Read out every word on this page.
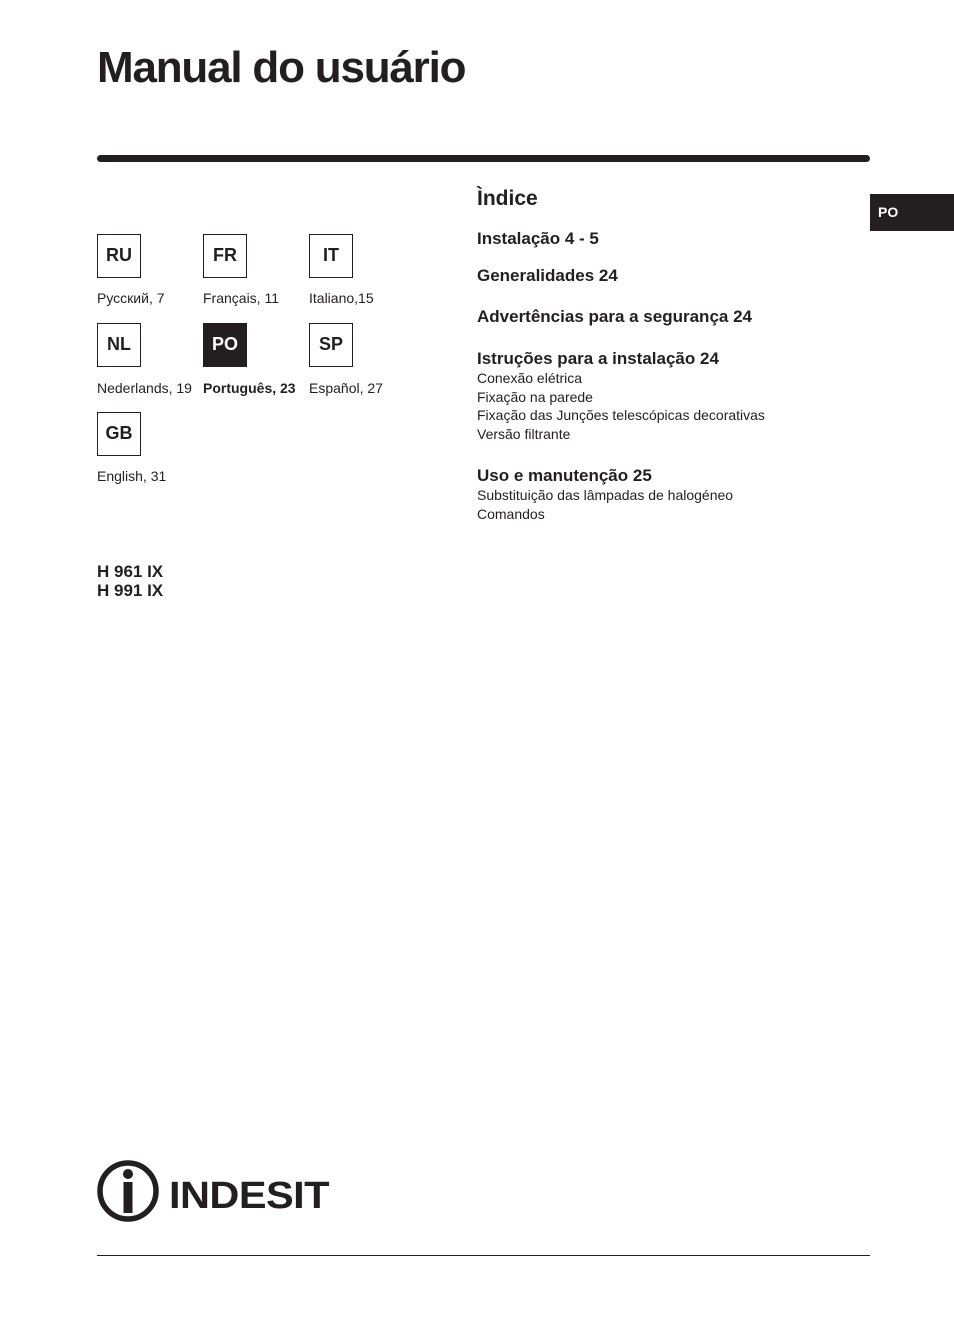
Manual do usuário
PO
RU
Русский, 7
FR
Français, 11
IT
Italiano,15
NL
Nederlands, 19
PO
Português, 23
SP
Español, 27
GB
English, 31
H 961 IX
H 991 IX
Ìndice
Instalação 4 - 5
Generalidades 24
Advertências para a segurança 24
Istruções para a instalação 24
Conexão elétrica
Fixação na parede
Fixação das Junções telescópicas decorativas
Versão filtrante
Uso e manutenção 25
Substituição das lâmpadas de halogéneo
Comandos
INDESIT
